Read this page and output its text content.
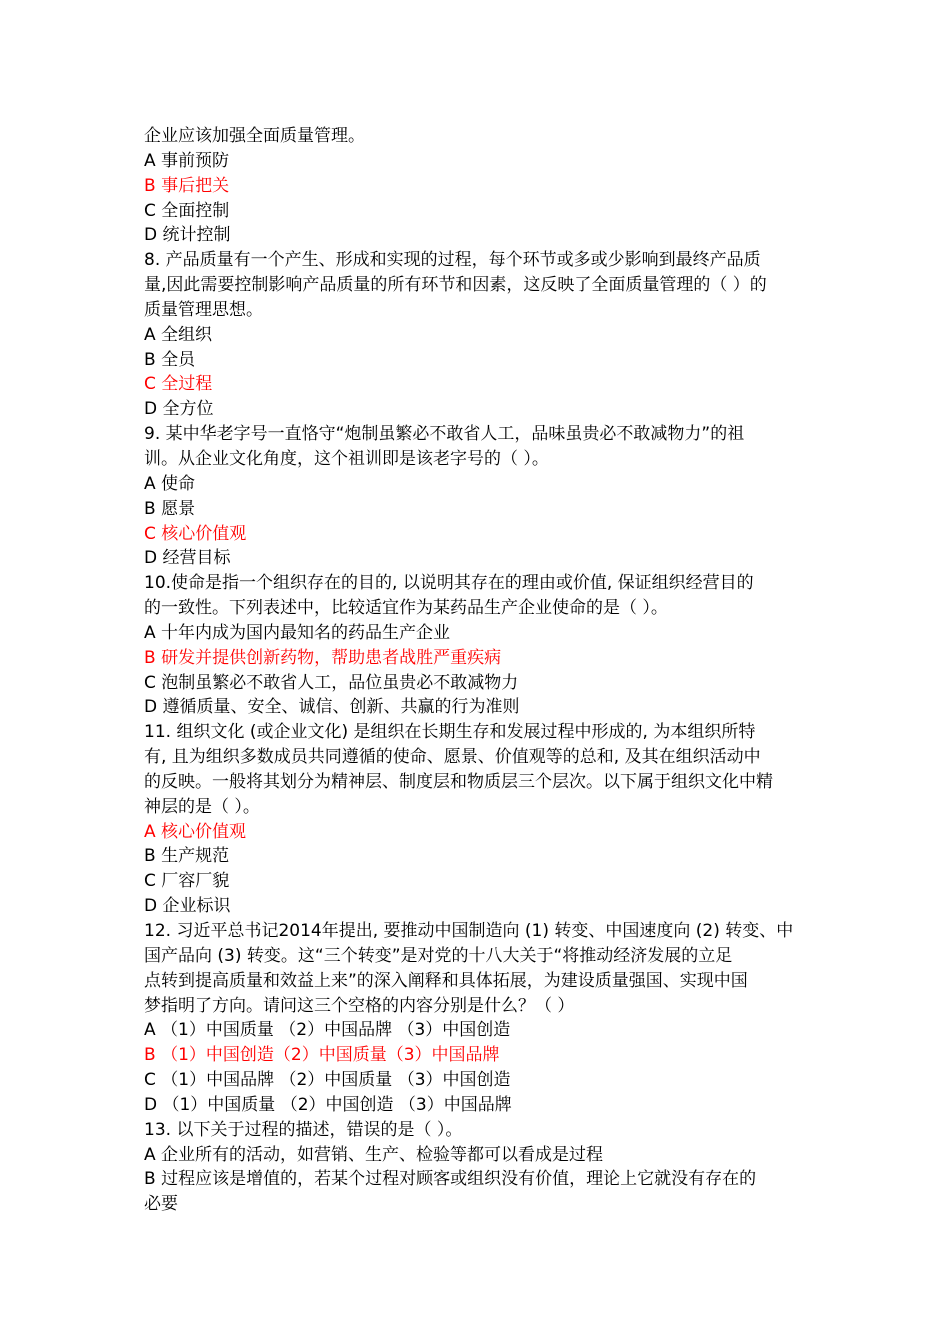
企业应该加强全面质量管理。
A 事前预防
B 事后把关
C 全面控制
D 统计控制
8. 产品质量有一个产生、形成和实现的过程，每个环节或多或少影响到最终产品质
量,因此需要控制影响产品质量的所有环节和因素，这反映了全面质量管理的（ ）的
质量管理思想。
A 全组织
B 全员
C 全过程
D 全方位
9. 某中华老字号一直恪守“炮制虽繁必不敢省人工，品味虽贵必不敢减物力”的祖
训。从企业文化角度，这个祖训即是该老字号的（ ）。
A 使命
B 愿景
C 核心价值观
D 经营目标
10.使命是指一个组织存在的目的, 以说明其存在的理由或价值, 保证组织经营目的
的一致性。下列表述中，比较适宜作为某药品生产企业使命的是（ ）。
A 十年内成为国内最知名的药品生产企业
B 研发并提供创新药物，帮助患者战胜严重疾病
C 泡制虽繁必不敢省人工，品位虽贵必不敢减物力
D 遵循质量、安全、诚信、创新、共赢的行为准则
11. 组织文化 (或企业文化) 是组织在长期生存和发展过程中形成的, 为本组织所特
有, 且为组织多数成员共同遵循的使命、愿景、价值观等的总和, 及其在组织活动中
的反映。一般将其划分为精神层、制度层和物质层三个层次。以下属于组织文化中精
神层的是（ ）。
A 核心价值观
B 生产规范
C 厂容厂貌
D 企业标识
12. 习近平总书记2014年提出, 要推动中国制造向 (1) 转变、中国速度向 (2) 转变、中
国产品向 (3) 转变。这“三个转变”是对党的十八大关于“将推动经济发展的立足
点转到提高质量和效益上来”的深入阐释和具体拓展，为建设质量强国、实现中国
梦指明了方向。请问这三个空格的内容分别是什么？（ ）
A （1）中国质量 （2）中国品牌 （3）中国创造
B （1）中国创造（2）中国质量（3）中国品牌
C （1）中国品牌 （2）中国质量 （3）中国创造
D （1）中国质量 （2）中国创造 （3）中国品牌
13. 以下关于过程的描述，错误的是（ ）。
A 企业所有的活动，如营销、生产、检验等都可以看成是过程
B 过程应该是增值的，若某个过程对顾客或组织没有价值，理论上它就没有存在的
必要
